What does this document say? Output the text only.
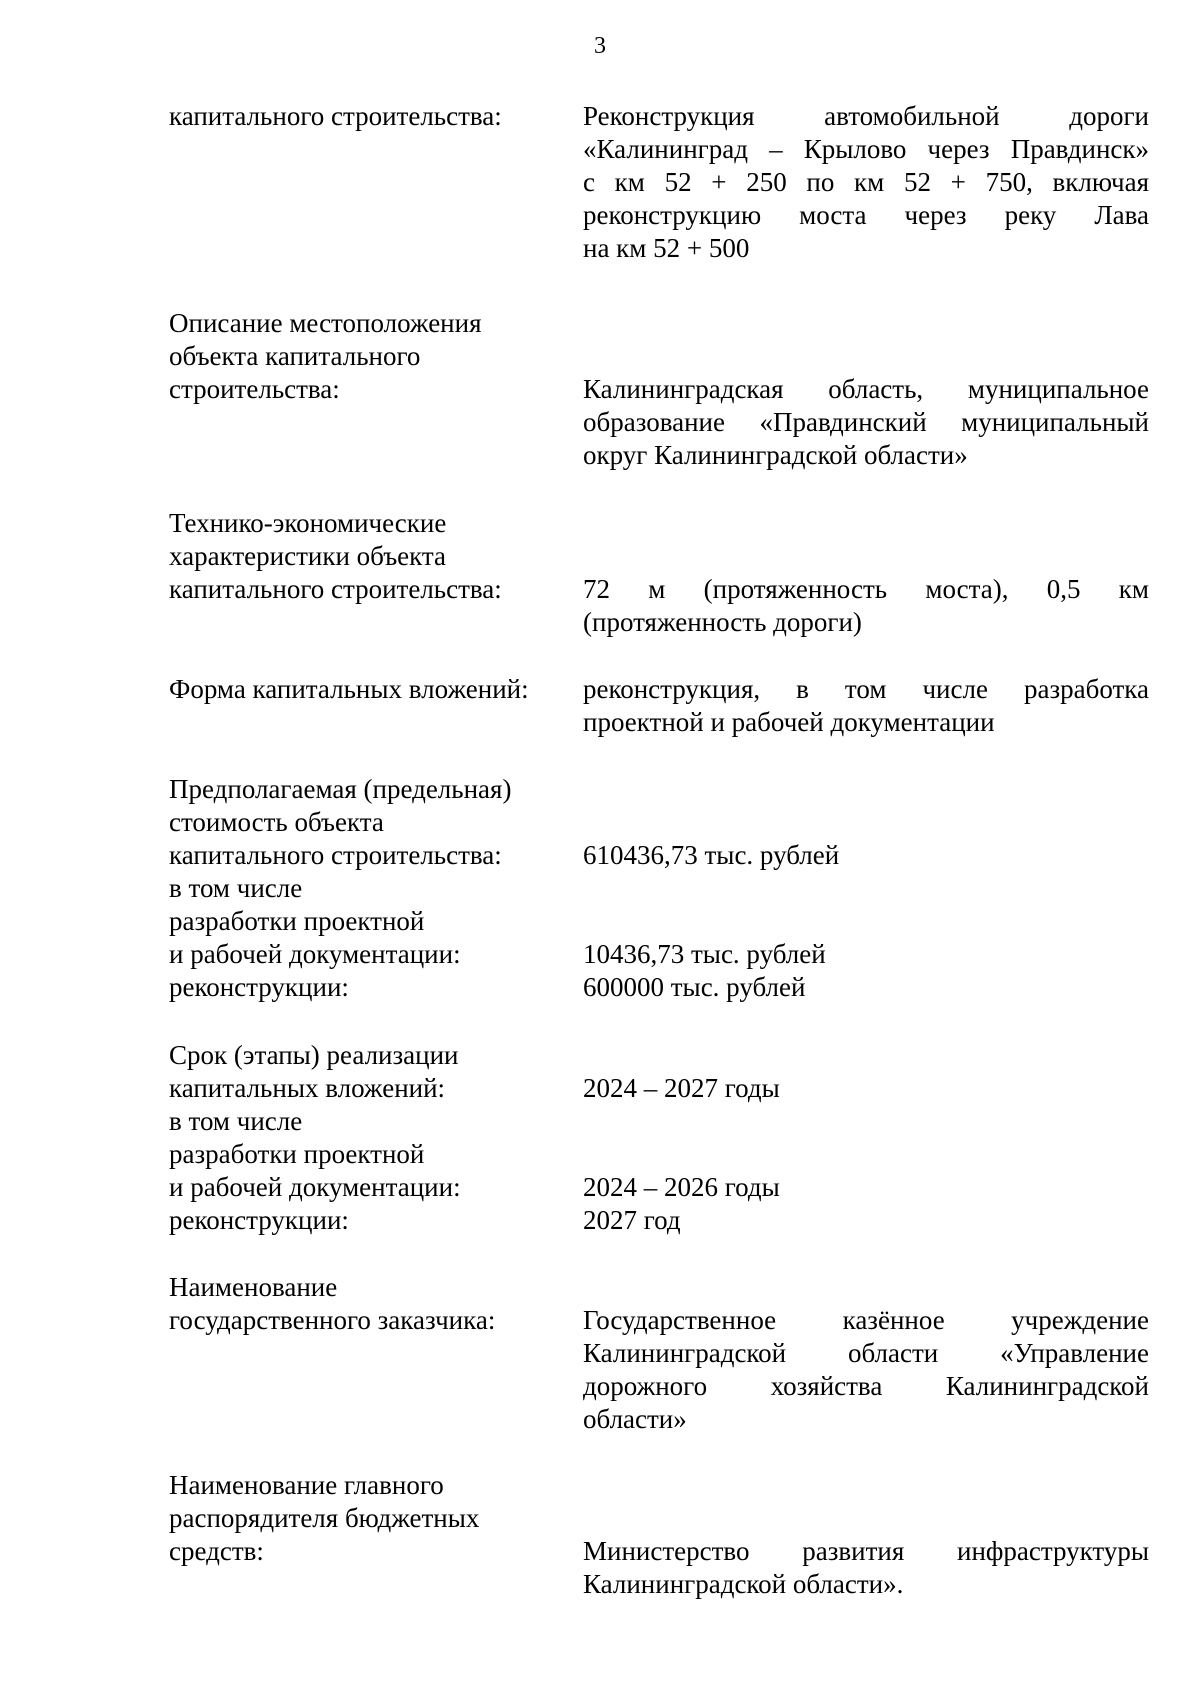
3
капитального строительства:	Реконструкция автомобильной дороги
«Калининград – Крылово через Правдинск»
с км 52 + 250 по км 52 + 750, включая
реконструкцию моста через реку Лава
на км 52 + 500
Описание местоположения
объекта капитального
строительства:	Калининградская область, муниципальное
образование «Правдинский муниципальный
округ Калининградской области»
Технико-экономические
характеристики объекта
капитального строительства:	72 м (протяженность моста), 0,5 км
(протяженность дороги)
Форма капитальных вложений: реконструкция, в том числе разработка
проектной и рабочей документации
Предполагаемая (предельная)
стоимость объекта
капитального строительства:	610436,73 тыс. рублей
в том числе
разработки проектной
и рабочей документации:	10436,73 тыс. рублей
реконструкции:	600000 тыс. рублей
Срок (этапы) реализации
капитальных вложений:	2024 – 2027 годы
в том числе
разработки проектной
и рабочей документации:	2024 – 2026 годы
реконструкции:	2027 год
Наименование
государственного заказчика:	Государственное казённое учреждение
Калининградской области «Управление
дорожного хозяйства Калининградской
области»
Наименование главного
распорядителя бюджетных
средств:	Министерство развития инфраструктуры
Калининградской области».
